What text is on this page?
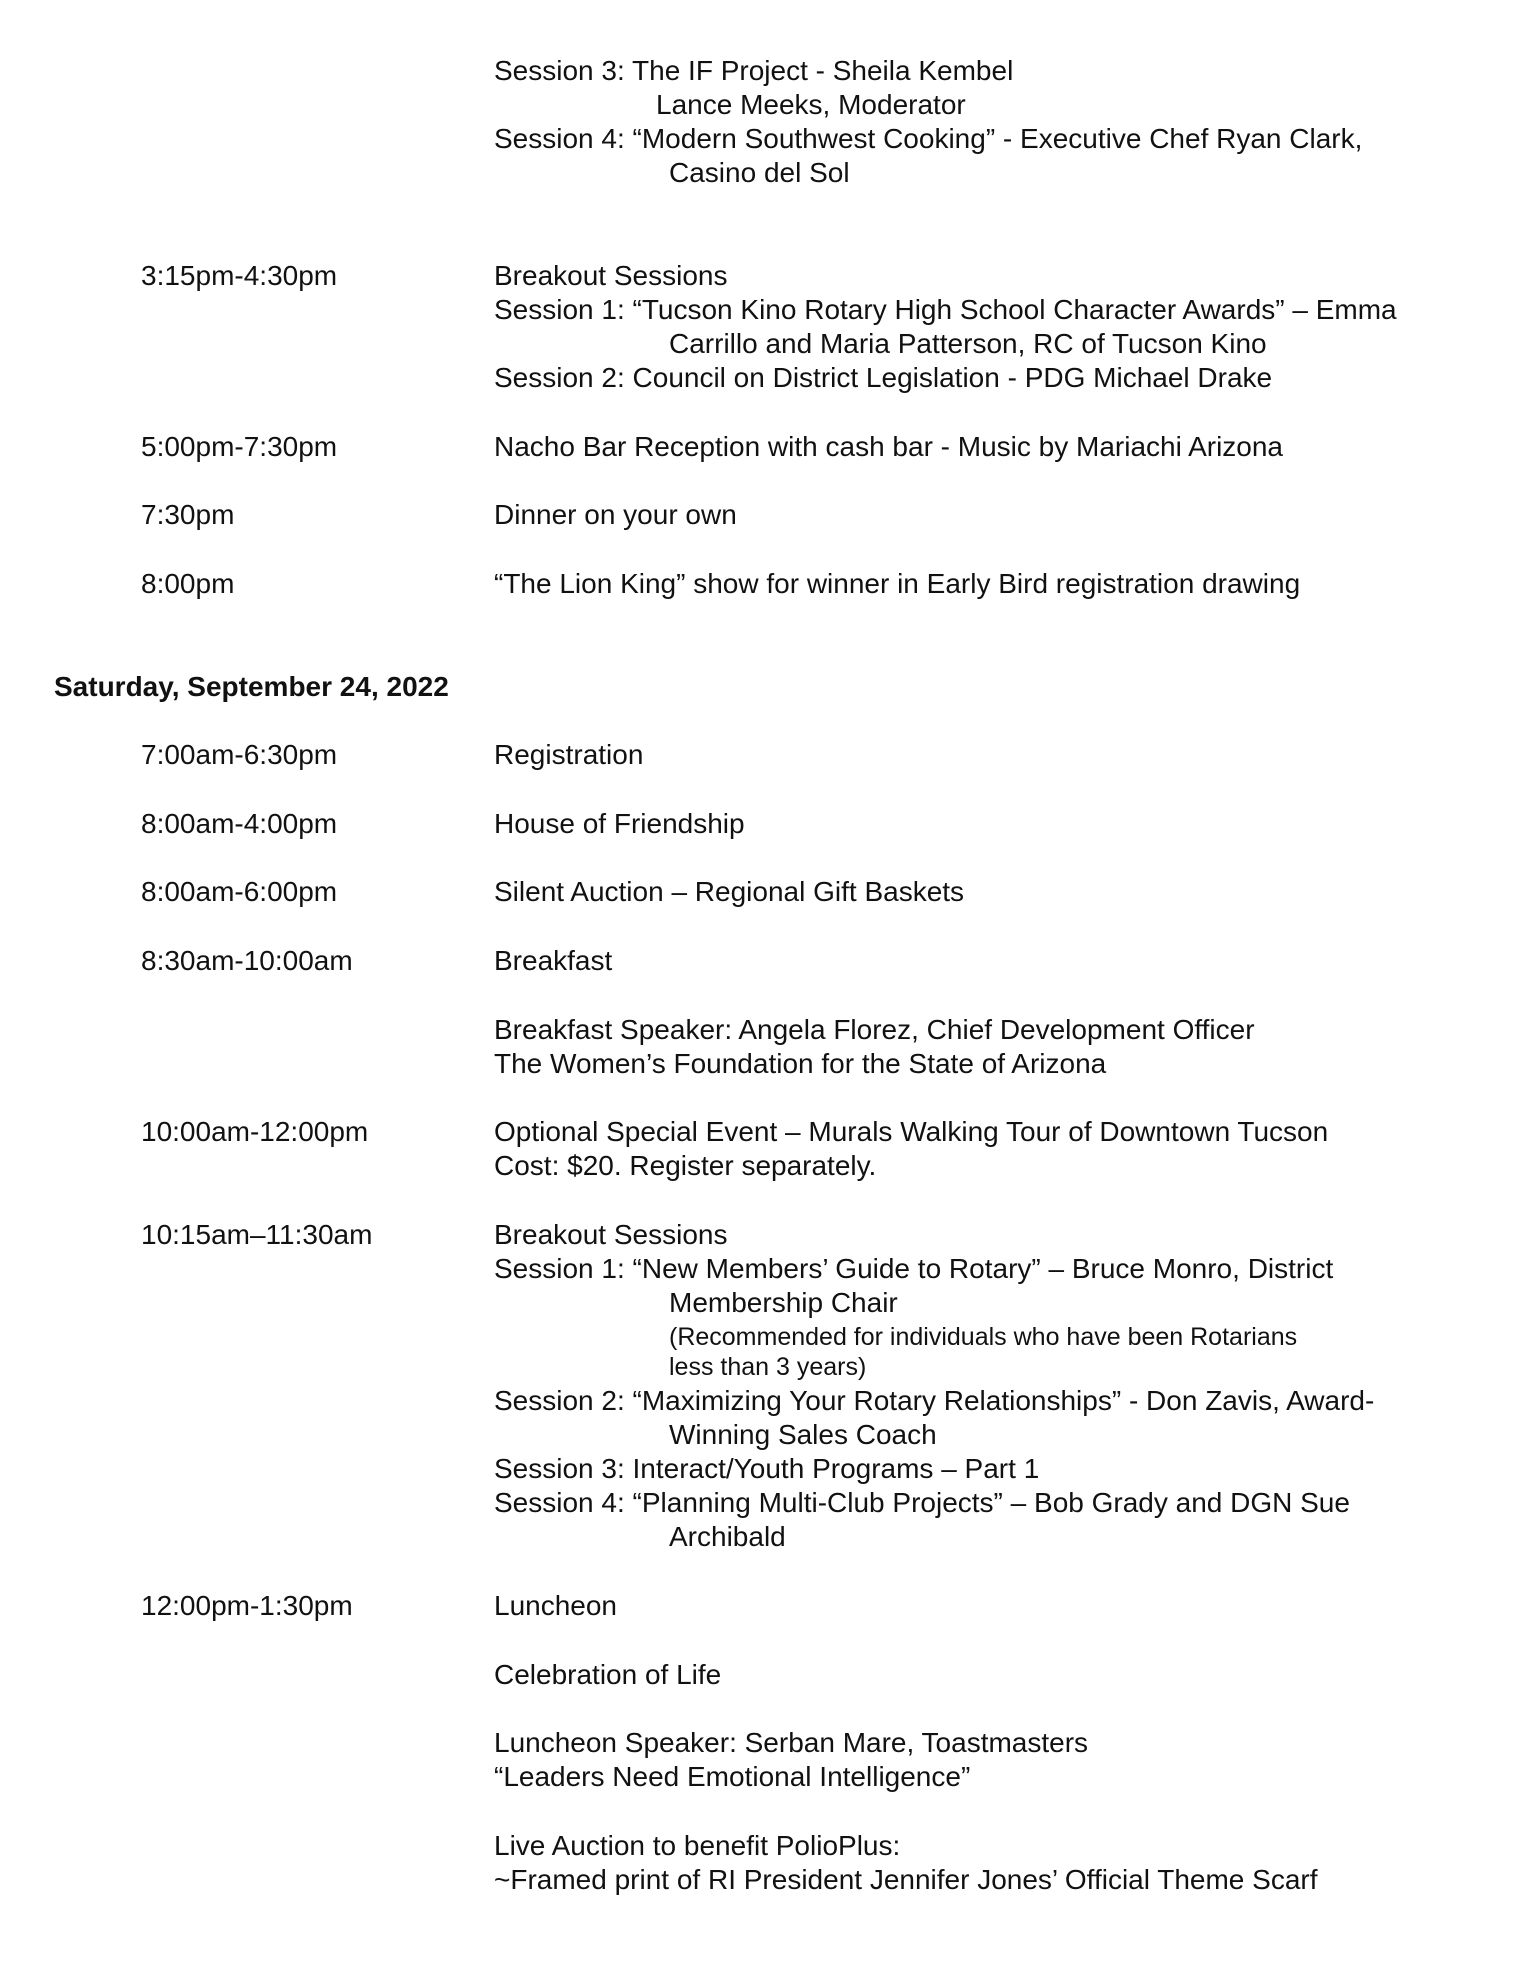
Session 3: The IF Project - Sheila Kembel
Lance Meeks, Moderator
Session 4: “Modern Southwest Cooking” - Executive Chef Ryan Clark,
Casino del Sol
3:15pm-4:30pm	Breakout Sessions
Session 1: “Tucson Kino Rotary High School Character Awards” – Emma
Carrillo and Maria Patterson, RC of Tucson Kino
Session 2: Council on District Legislation - PDG Michael Drake
5:00pm-7:30pm	Nacho Bar Reception with cash bar - Music by Mariachi Arizona
7:30pm	Dinner on your own
8:00pm	“The Lion King” show for winner in Early Bird registration drawing
Saturday, September 24, 2022
7:00am-6:30pm	Registration
8:00am-4:00pm	House of Friendship
8:00am-6:00pm	Silent Auction – Regional Gift Baskets
8:30am-10:00am	Breakfast
Breakfast Speaker: Angela Florez, Chief Development Officer
The Women’s Foundation for the State of Arizona
10:00am-12:00pm	Optional Special Event – Murals Walking Tour of Downtown Tucson
Cost: $20. Register separately.
10:15am–11:30am	Breakout Sessions
Session 1: “New Members’ Guide to Rotary” – Bruce Monro, District
Membership Chair
(Recommended for individuals who have been Rotarians
less than 3 years)
Session 2: “Maximizing Your Rotary Relationships” - Don Zavis, Award-
Winning Sales Coach
Session 3: Interact/Youth Programs – Part 1
Session 4: “Planning Multi-Club Projects” – Bob Grady and DGN Sue
Archibald
12:00pm-1:30pm	Luncheon
Celebration of Life
Luncheon Speaker: Serban Mare, Toastmasters
“Leaders Need Emotional Intelligence”
Live Auction to benefit PolioPlus:
~Framed print of RI President Jennifer Jones’ Official Theme Scarf
